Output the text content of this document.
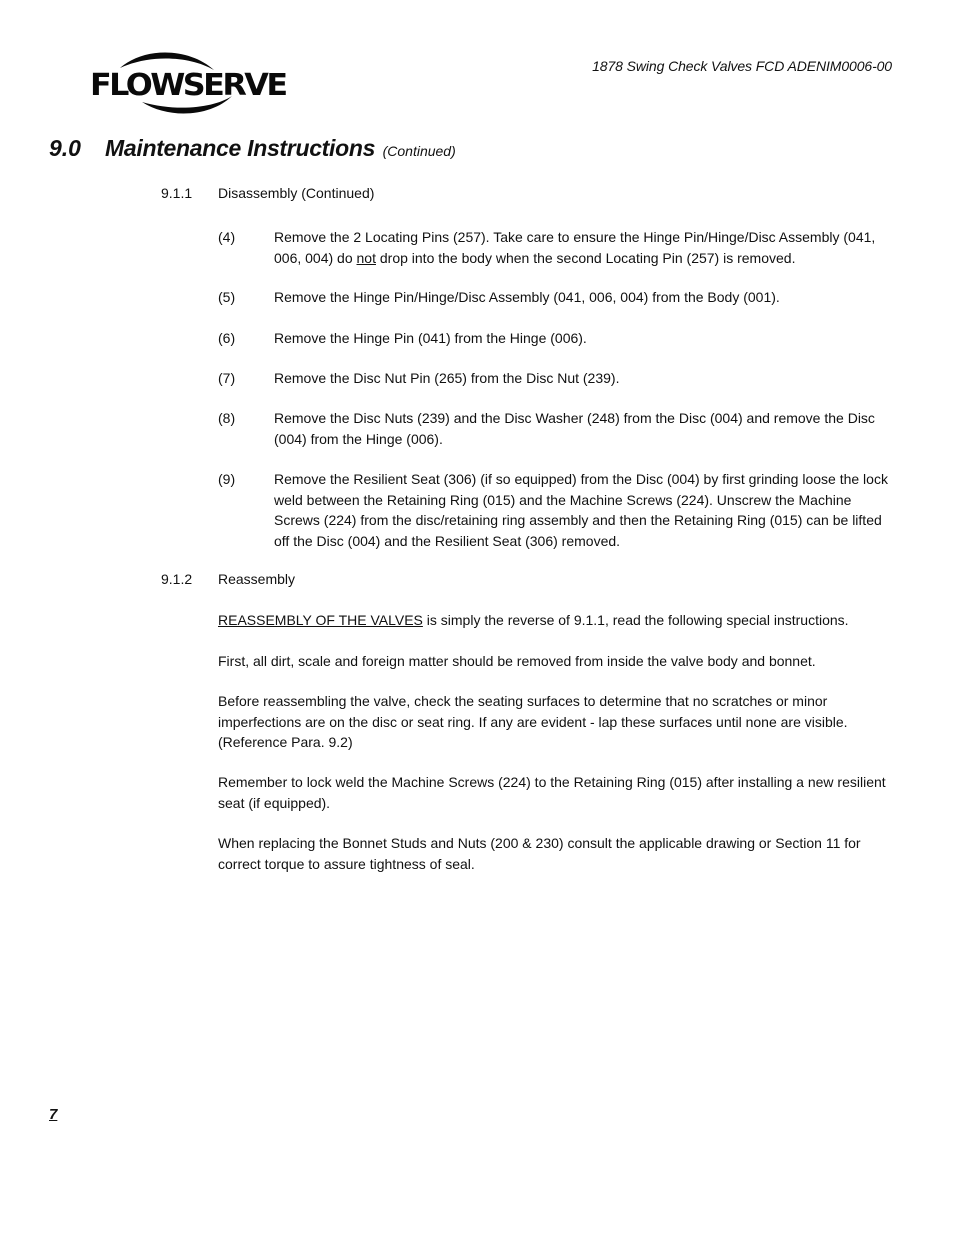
1878 Swing Check Valves FCD ADENIM0006-00
FLOWSERVE
9.0 Maintenance Instructions (Continued)
9.1.1 Disassembly (Continued)
(4)	Remove the 2 Locating Pins (257). Take care to ensure the Hinge Pin/Hinge/Disc Assembly (041, 006, 004) do not drop into the body when the second Locating Pin (257) is removed.
(5)	Remove the Hinge Pin/Hinge/Disc Assembly (041, 006, 004) from the Body (001).
(6)	Remove the Hinge Pin (041) from the Hinge (006).
(7)	Remove the Disc Nut Pin (265) from the Disc Nut (239).
(8)	Remove the Disc Nuts (239) and the Disc Washer (248) from the Disc (004) and remove the Disc (004) from the Hinge (006).
(9)	Remove the Resilient Seat (306) (if so equipped) from the Disc (004) by first grinding loose the lock weld between the Retaining Ring (015) and the Machine Screws (224). Unscrew the Machine Screws (224) from the disc/retaining ring assembly and then the Retaining Ring (015) can be lifted off the Disc (004) and the Resilient Seat (306) removed.
9.1.2 Reassembly
REASSEMBLY OF THE VALVES is simply the reverse of 9.1.1, read the following special instructions.
First, all dirt, scale and foreign matter should be removed from inside the valve body and bonnet.
Before reassembling the valve, check the seating surfaces to determine that no scratches or minor imperfections are on the disc or seat ring. If any are evident - lap these surfaces until none are visible. (Reference Para. 9.2)
Remember to lock weld the Machine Screws (224) to the Retaining Ring (015) after installing a new resilient seat (if equipped).
When replacing the Bonnet Studs and Nuts (200 & 230) consult the applicable drawing or Section 11 for correct torque to assure tightness of seal.
7
